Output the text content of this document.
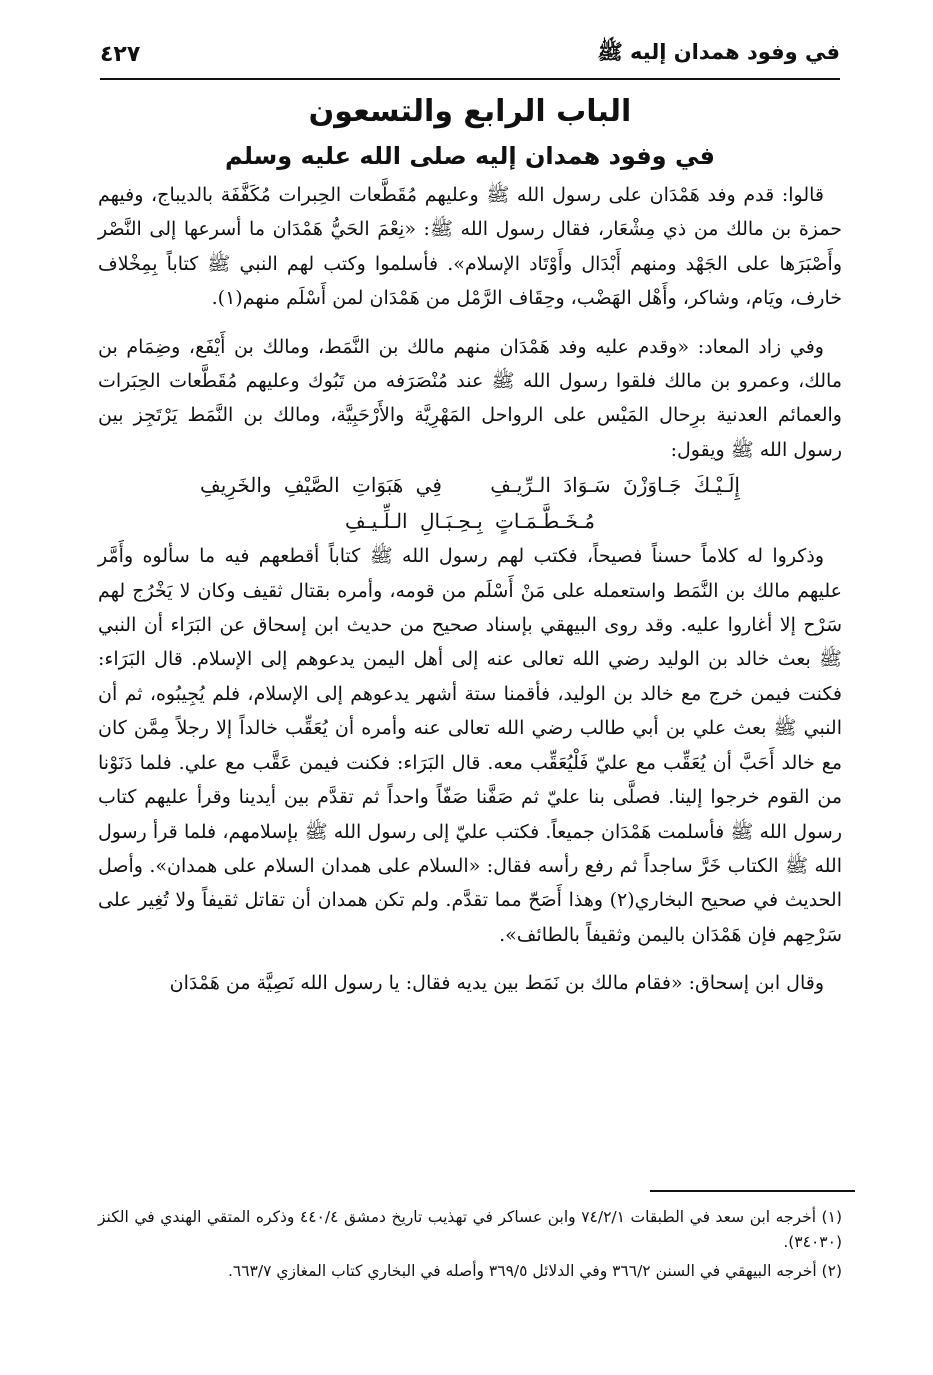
في وفود همدان إليه ﷺ
٤٢٧
الباب الرابع والتسعون
في وفود همدان إليه صلى الله عليه وسلم

قالوا: قدم وفد هَمْدَان على رسول الله ﷺ وعليهم مُقَطَّعات الحِبرات مُكَفَّفَة بالديباج، وفيهم حمزة بن مالك من ذي مِشْعَار، فقال رسول الله ﷺ: «نِعْمَ الحَيُّ هَمْدَان ما أسرعها إلى النَّصْر وأَصْبَرَها على الجَهْد ومنهم أَبْدَال وأَوْتَاد الإسلام». فأسلموا وكتب لهم النبي ﷺ كتاباً بِمِخْلاف خارف، ويَام، وشاكر، وأَهْل الهَضْب، وحِقَاف الرَّمْل من هَمْدَان لمن أَسْلَم منهم(١).

وفي زاد المعاد: «وقدم عليه وفد هَمْدَان منهم مالك بن النَّمَط، ومالك بن أَيْفَع، وضِمَام بن مالك، وعمرو بن مالك فلقوا رسول الله ﷺ عند مُنْصَرَفه من تَبُوك وعليهم مُقَطَّعات الحِبَرات والعمائم العدنية برِحال المَيْس على الرواحل المَهْرِيَّة والأَرْحَبِيَّة، ومالك بن النَّمَط يَرْتَجِز بين رسول الله ﷺ ويقول:

إِلَـيْـكَ جَـاوَزْنَ سَـوَادَ الـرِّيـفِ فِي هَبَوَاتِ الصَّيْفِ والخَرِيفِ
مُـخَـطَّـمَـاتٍ بِـحِـبَـالِ الـلِّـيـفِ

وذكروا له كلاماً حسناً فصيحاً، فكتب لهم رسول الله ﷺ كتاباً أقطعهم فيه ما سألوه وأَمَّر عليهم مالك بن النَّمَط واستعمله على مَنْ أَسْلَم من قومه، وأمره بقتال ثقيف وكان لا يَخْرُج لهم سَرْح إلا أغاروا عليه. وقد روى البيهقي بإسناد صحيح من حديث ابن إسحاق عن البَرَاء أن النبي ﷺ بعث خالد بن الوليد رضي الله تعالى عنه إلى أهل اليمن يدعوهم إلى الإسلام. قال البَرَاء: فكنت فيمن خرج مع خالد بن الوليد، فأقمنا ستة أشهر يدعوهم إلى الإسلام، فلم يُجِيبُوه، ثم أن النبي ﷺ بعث علي بن أبي طالب رضي الله تعالى عنه وأمره أن يُعَقِّب خالداً إلا رجلاً مِمَّن كان مع خالد أَحَبَّ أن يُعَقِّب مع عليّ فَلْيُعَقِّب معه. قال البَرَاء: فكنت فيمن عَقَّب مع علي. فلما دَنَوْنا من القوم خرجوا إلينا. فصلَّى بنا عليّ ثم صَفَّنا صَفّاً واحداً ثم تقدَّم بين أيدينا وقرأ عليهم كتاب رسول الله ﷺ فأسلمت هَمْدَان جميعاً. فكتب عليّ إلى رسول الله ﷺ بإسلامهم، فلما قرأ رسول الله ﷺ الكتاب خَرَّ ساجداً ثم رفع رأسه فقال: «السلام على همدان السلام على همدان». وأصل الحديث في صحيح البخاري(٢) وهذا أَصَحّ مما تقدَّم. ولم تكن همدان أن تقاتل ثقيفاً ولا تُغِير على سَرْحِهم فإن هَمْدَان باليمن وثقيفاً بالطائف».

وقال ابن إسحاق: «فقام مالك بن نَمَط بين يديه فقال: يا رسول الله نَصِيَّة من هَمْدَان

(١) أخرجه ابن سعد في الطبقات ٧٤/٢/١ وابن عساكر في تهذيب تاريخ دمشق ٤٤٠/٤ وذكره المتقي الهندي في الكنز (٣٤٠٣٠).

(٢) أخرجه البيهقي في السنن ٣٦٦/٢ وفي الدلائل ٣٦٩/٥ وأصله في البخاري كتاب المغازي ٦٦٣/٧.
